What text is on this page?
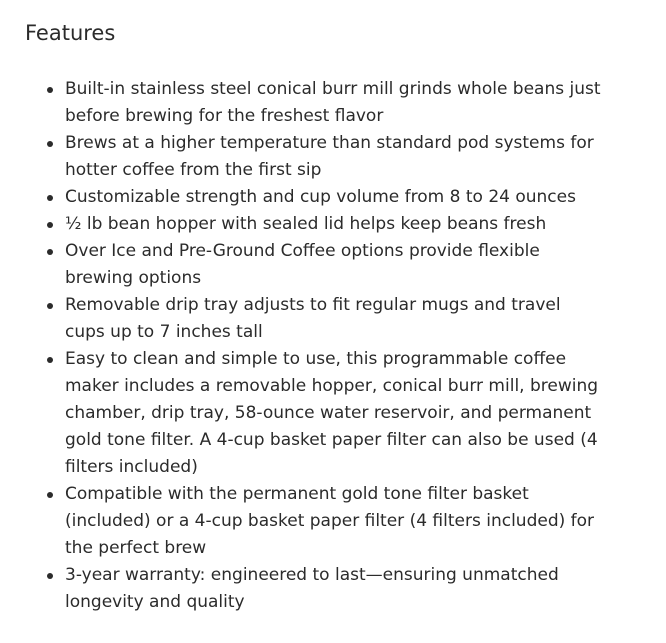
Features
Built-in stainless steel conical burr mill grinds whole beans just before brewing for the freshest flavor
Brews at a higher temperature than standard pod systems for hotter coffee from the first sip
Customizable strength and cup volume from 8 to 24 ounces
½ lb bean hopper with sealed lid helps keep beans fresh
Over Ice and Pre-Ground Coffee options provide flexible brewing options
Removable drip tray adjusts to fit regular mugs and travel cups up to 7 inches tall
Easy to clean and simple to use, this programmable coffee maker includes a removable hopper, conical burr mill, brewing chamber, drip tray, 58-ounce water reservoir, and permanent gold tone filter. A 4-cup basket paper filter can also be used (4 filters included)
Compatible with the permanent gold tone filter basket (included) or a 4-cup basket paper filter (4 filters included) for the perfect brew
3-year warranty: engineered to last—ensuring unmatched longevity and quality
